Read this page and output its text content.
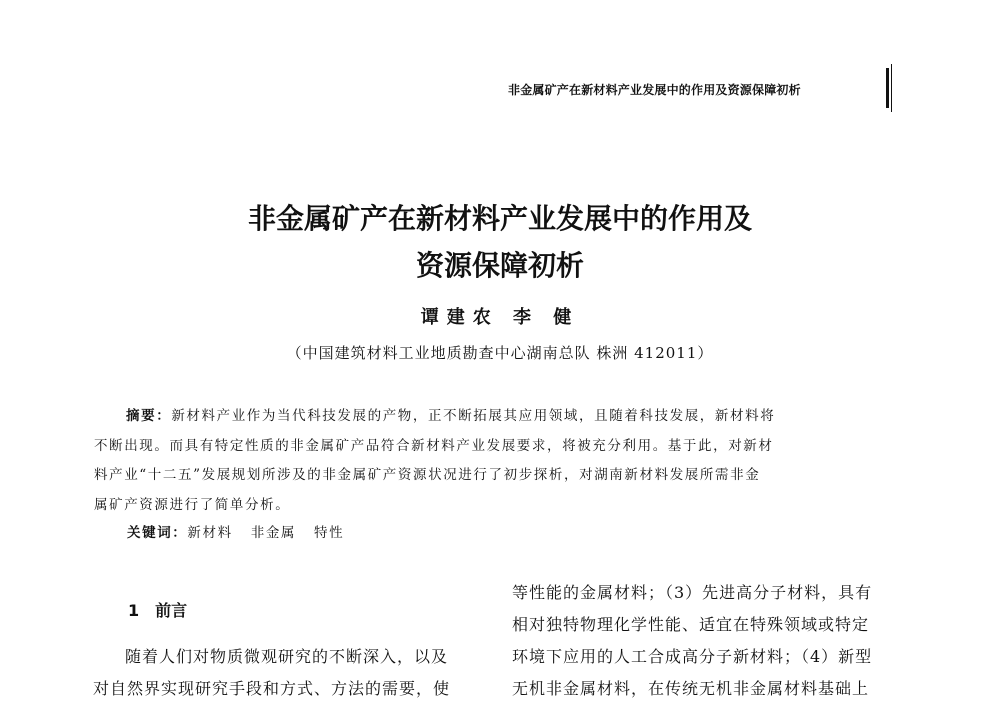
非金属矿产在新材料产业发展中的作用及资源保障初析
非金属矿产在新材料产业发展中的作用及
资源保障初析
谭建农 李 健
（中国建筑材料工业地质勘查中心湖南总队 株洲 412011）
摘要：新材料产业作为当代科技发展的产物，正不断拓展其应用领域，且随着科技发展，新材料将
不断出现。而具有特定性质的非金属矿产品符合新材料产业发展要求，将被充分利用。基于此，对新材
料产业“十二五”发展规划所涉及的非金属矿产资源状况进行了初步探析，对湖南新材料发展所需非金
属矿产资源进行了简单分析。
关键词：新材料 非金属 特性
1 前言
随着人们对物质微观研究的不断深入，以及
对自然界实现研究手段和方式、方法的需要，使
等性能的金属材料；（3）先进高分子材料，具有
相对独特物理化学性能、适宜在特殊领域或特定
环境下应用的人工合成高分子新材料；（4）新型
无机非金属材料，在传统无机非金属材料基础上
